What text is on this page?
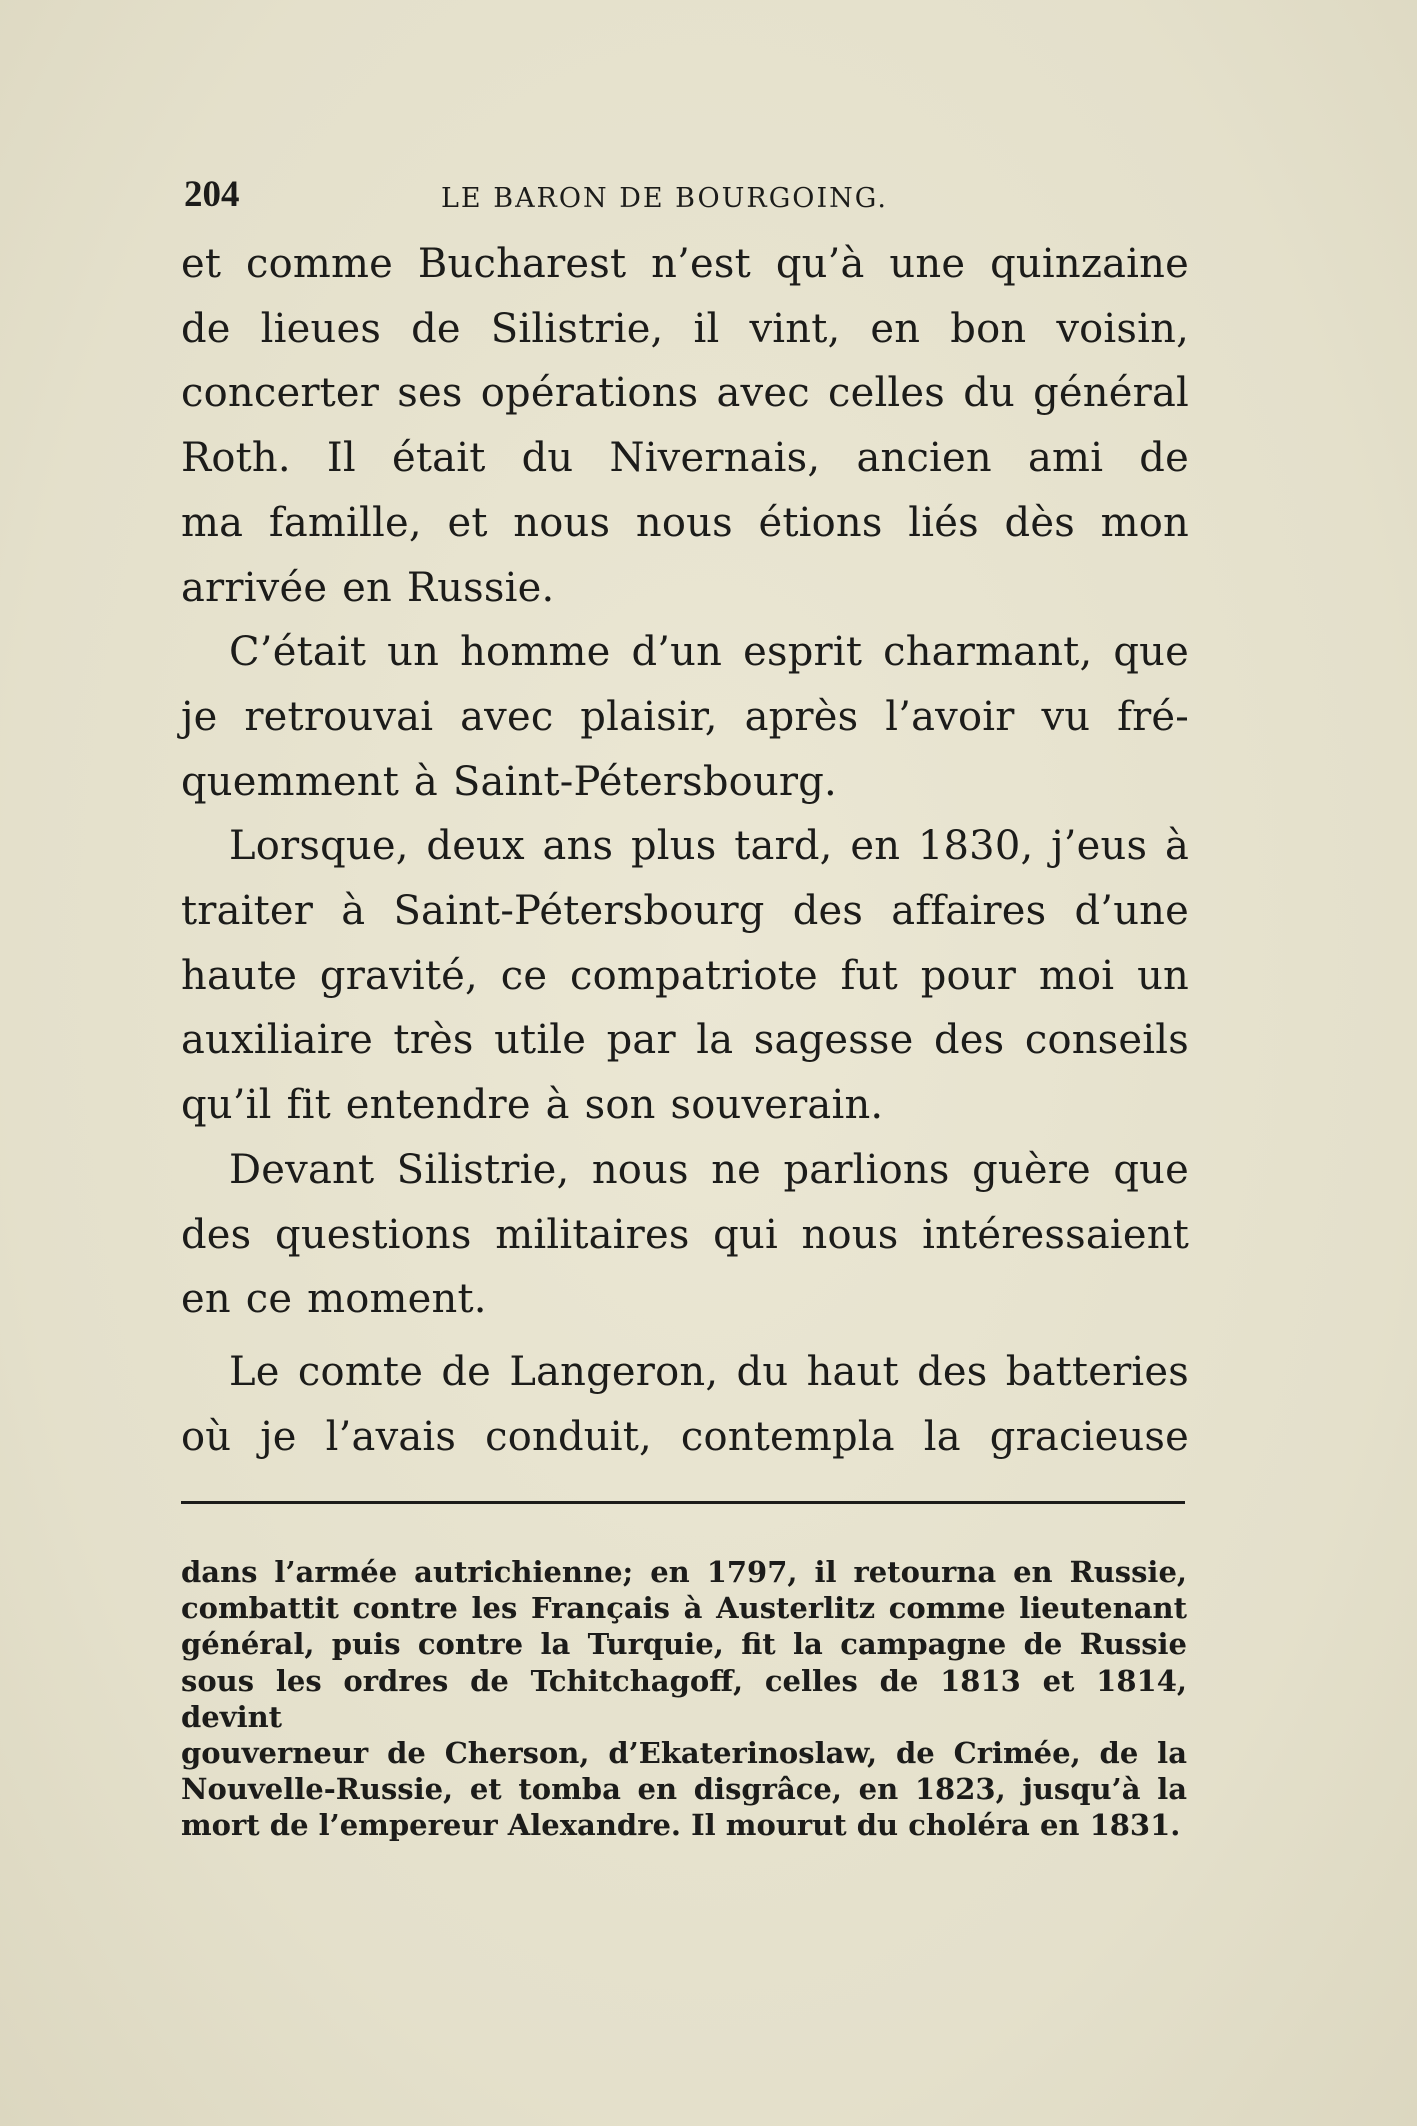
204	LE BARON DE BOURGOING.

et comme Bucharest n’est qu’à une quinzaine

de lieues de Silistrie, il vint, en bon voisin,

concerter ses opérations avec celles du général

Roth. Il était du Nivernais, ancien ami de

ma famille, et nous nous étions liés dès mon

arrivée en Russie.

C’était un homme d’un esprit charmant, que

je retrouvai avec plaisir, après l’avoir vu fré-

quemment à Saint-Pétersbourg.

Lorsque, deux ans plus tard, en 1830, j’eus à

traiter à Saint-Pétersbourg des affaires d’une

haute gravité, ce compatriote fut pour moi un

auxiliaire très utile par la sagesse des conseils

qu’il fit entendre à son souverain.

Devant Silistrie, nous ne parlions guère que

des questions militaires qui nous intéressaient

en ce moment.

Le comte de Langeron, du haut des batteries

où je l’avais conduit, contempla la gracieuse

dans l’armée autrichienne; en 1797, il retourna en Russie,

combattit contre les Français à Austerlitz comme lieutenant

général, puis contre la Turquie, fit la campagne de Russie

sous les ordres de Tchitchagoff, celles de 1813 et 1814, devint

gouverneur de Cherson, d’Ekaterinoslaw, de Crimée, de la

Nouvelle-Russie, et tomba en disgrâce, en 1823, jusqu’à la

mort de l’empereur Alexandre. Il mourut du choléra en 1831.
